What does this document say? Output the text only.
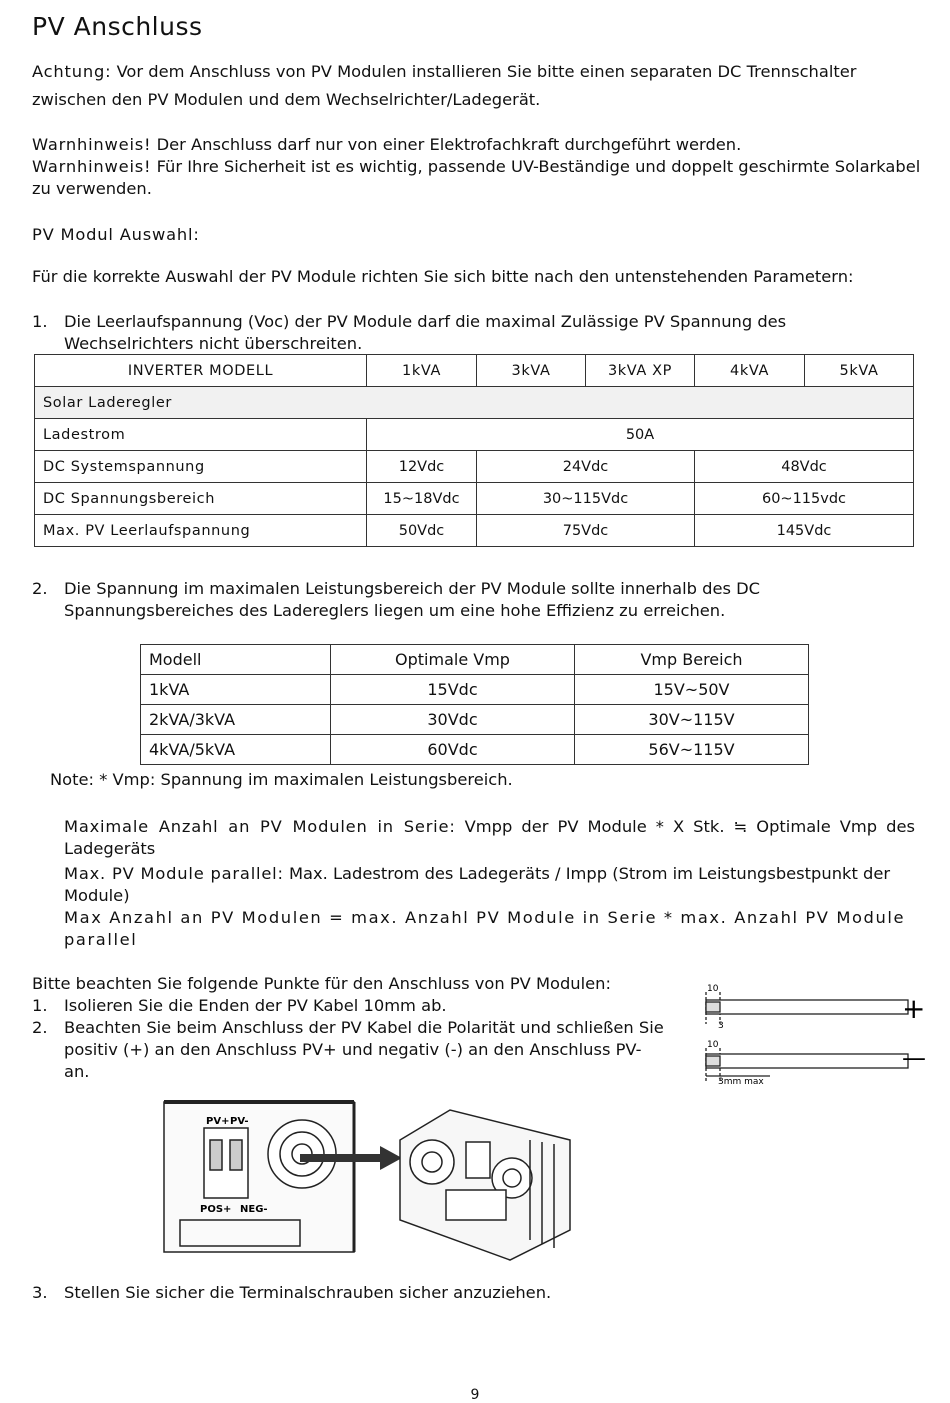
PV Anschluss
Achtung: Vor dem Anschluss von PV Modulen installieren Sie bitte einen separaten DC Trennschalter zwischen den PV Modulen und dem Wechselrichter/Ladegerät.
Warnhinweis! Der Anschluss darf nur von einer Elektrofachkraft durchgeführt werden.
Warnhinweis! Für Ihre Sicherheit ist es wichtig, passende UV-Beständige und doppelt geschirmte Solarkabel zu verwenden.
PV Modul Auswahl:
Für die korrekte Auswahl der PV Module richten Sie sich bitte nach den untenstehenden Parametern:
1.	Die Leerlaufspannung (Voc) der PV Module darf die maximal Zulässige PV Spannung des Wechselrichters nicht überschreiten.
INVERTER MODELL	1kVA	3kVA	3kVA XP	4kVA	5kVA
Solar Laderegler					
Ladestrom	50A				
DC Systemspannung	12Vdc	24Vdc		48Vdc	
DC Spannungsbereich	15~18Vdc	30~115Vdc		60~115vdc	
Max. PV Leerlaufspannung	50Vdc	75Vdc		145Vdc	
2.	Die Spannung im maximalen Leistungsbereich der PV Module sollte innerhalb des DC Spannungsbereiches des Ladereglers liegen um eine hohe Effizienz zu erreichen.
Modell	Optimale Vmp	Vmp Bereich
1kVA	15Vdc	15V~50V
2kVA/3kVA	30Vdc	30V~115V
4kVA/5kVA	60Vdc	56V~115V
Note: * Vmp: Spannung im maximalen Leistungsbereich.
Maximale Anzahl an PV Modulen in Serie: Vmpp der PV Module * X Stk. ≒ Optimale Vmp des Ladegeräts
Max. PV Module parallel: Max. Ladestrom des Ladegeräts / Impp (Strom im Leistungsbestpunkt der Module)
Max Anzahl an PV Modulen = max. Anzahl PV Module in Serie * max. Anzahl PV Module parallel
Bitte beachten Sie folgende Punkte für den Anschluss von PV Modulen:
1.	Isolieren Sie die Enden der PV Kabel 10mm ab.
2.	Beachten Sie beim Anschluss der PV Kabel die Polarität und schließen Sie positiv (+) an den Anschluss PV+ und negativ (-) an den Anschluss PV- an.
10
3
10
3mm max
+
—
PV+ PV-
POS+ NEG-
3.	Stellen Sie sicher die Terminalschrauben sicher anzuziehen.
9
